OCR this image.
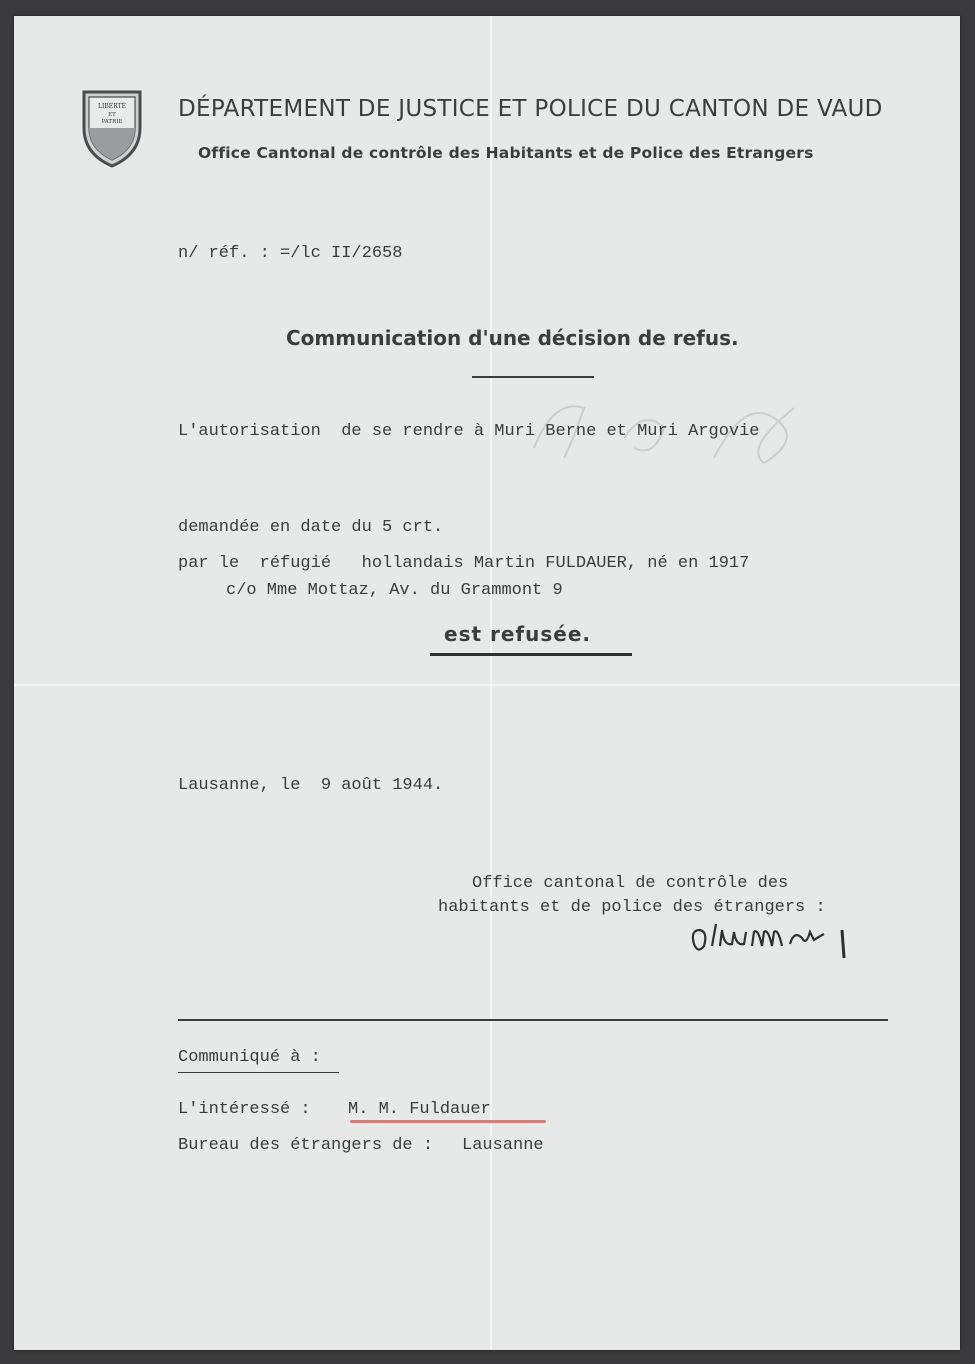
LIBERTÉ
ET
PATRIE DÉPARTEMENT DE JUSTICE ET POLICE DU CANTON DE VAUD
Office Cantonal de contrôle des Habitants et de Police des Etrangers
n/ réf. : =/lc II/2658
Communication d'une décision de refus.
L'autorisation  de se rendre à Muri Berne et Muri Argovie
demandée en date du 5 crt.
par le  réfugié   hollandais Martin FULDAUER, né en 1917
c/o Mme Mottaz, Av. du Grammont 9
est refusée.
Lausanne, le  9 août 1944.
Office cantonal de contrôle des
habitants et de police des étrangers :
Communiqué à :
L'intéressé : M. M. Fuldauer
Bureau des étrangers de : Lausanne
